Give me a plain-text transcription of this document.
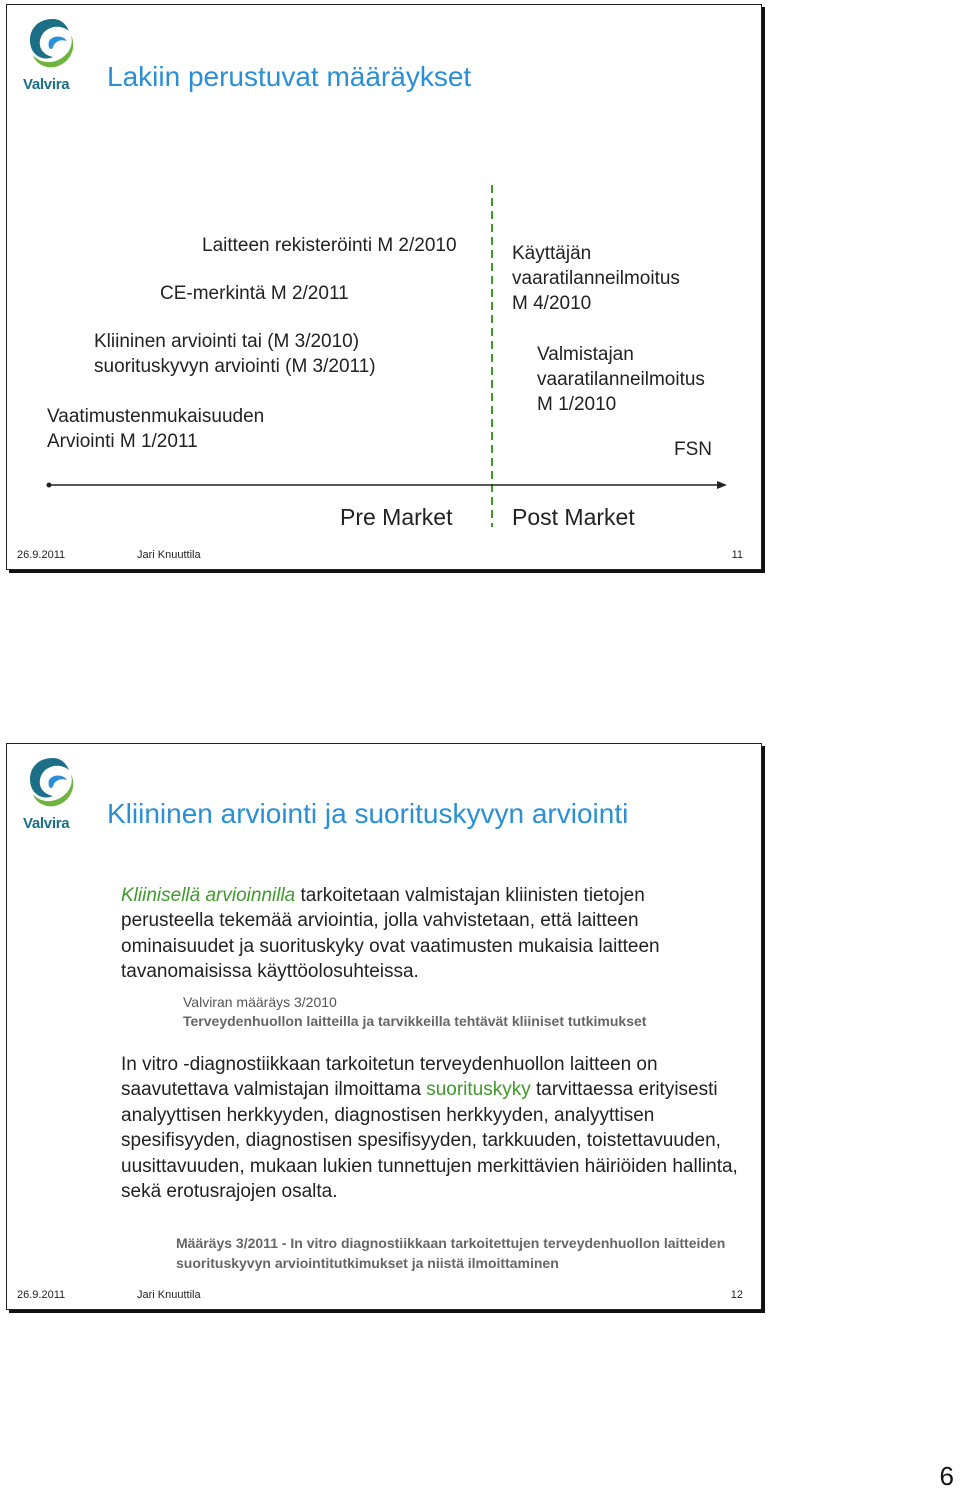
Valvira	Lakiin perustuvat määräykset
Laitteen rekisteröinti M 2/2010
CE-merkintä M 2/2011
Kliininen arviointi tai (M 3/2010)
suorituskyvyn arviointi (M 3/2011)
Vaatimustenmukaisuuden
Arviointi M 1/2011
Käyttäjän
vaaratilanneilmoitus
M 4/2010
Valmistajan
vaaratilanneilmoitus
M 1/2010
FSN
Pre Market	Post Market
26.9.2011	Jari Knuuttila	11
Valvira	Kliininen arviointi ja suorituskyvyn arviointi
Kliinisellä arvioinnilla tarkoitetaan valmistajan kliinisten tietojen perusteella tekemää arviointia, jolla vahvistetaan, että laitteen ominaisuudet ja suorituskyky ovat vaatimusten mukaisia laitteen tavanomaisissa käyttöolosuhteissa.
Valviran määräys 3/2010
Terveydenhuollon laitteilla ja tarvikkeilla tehtävät kliiniset tutkimukset
In vitro -diagnostiikkaan tarkoitetun terveydenhuollon laitteen on saavutettava valmistajan ilmoittama suorituskyky tarvittaessa erityisesti analyyttisen herkkyyden, diagnostisen herkkyyden, analyyttisen spesifisyyden, diagnostisen spesifisyyden, tarkkuuden, toistettavuuden, uusittavuuden, mukaan lukien tunnettujen merkittävien häiriöiden hallinta, sekä erotusrajojen osalta.
Määräys 3/2011 - In vitro diagnostiikkaan tarkoitettujen terveydenhuollon laitteiden
suorituskyvyn arviointitutkimukset ja niistä ilmoittaminen
26.9.2011	Jari Knuuttila	12
6
